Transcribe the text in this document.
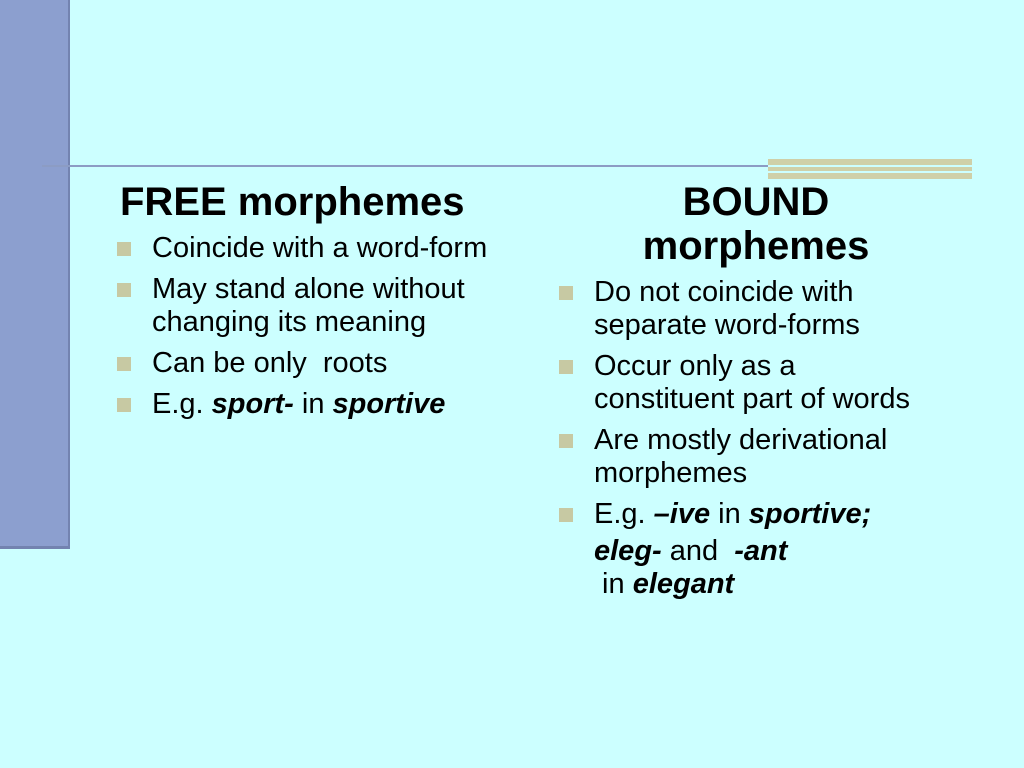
FREE morphemes
Coincide with a word-form
May stand alone without changing its meaning
Can be only  roots
E.g. sport- in sportive
BOUND
morphemes
Do not coincide with separate word-forms
Occur only as a constituent part of words
Are mostly derivational morphemes
E.g. –ive in sportive;
eleg- and  -ant in elegant
